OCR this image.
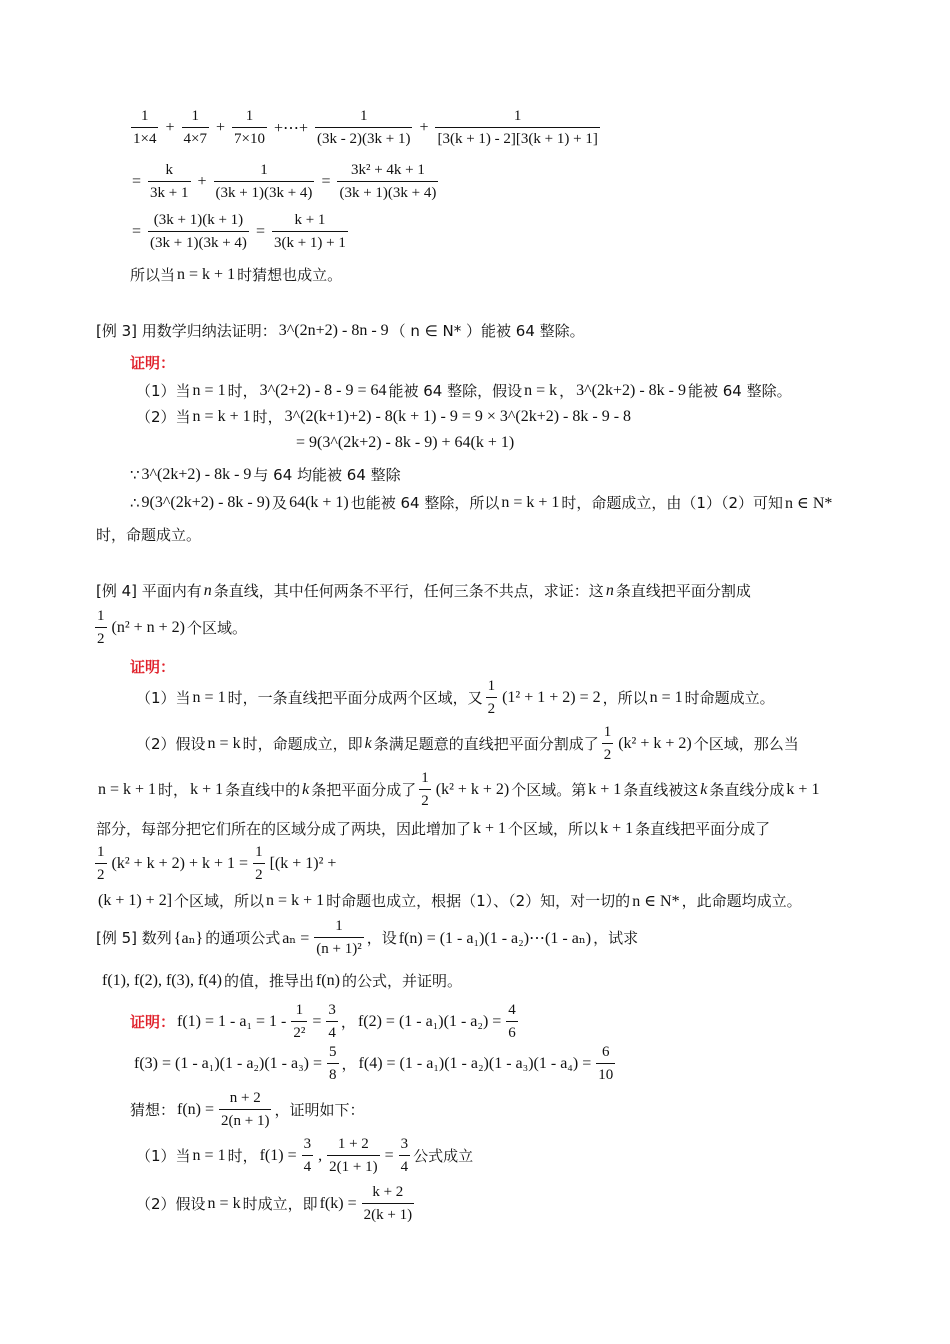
$\frac{1}{1\times 4} + \frac{1}{4\times 7} + \frac{1}{7\times 10}$ +⋯+ $\frac{1}{(3k - 2)(3k + 1)} + \frac{1}{[3(k + 1) - 2][3(k + 1) + 1]}$
= $\frac{k}{3k + 1} + \frac{1}{(3k + 1)(3k + 4)} = \frac{\text{3k² + 4k + 1}}{(3k + 1)(3k + 4)}$
= $\frac{(3k + 1)(k + 1)}{(3k + 1)(3k + 4)} = \frac{k + 1}{3(k + 1) + 1}$
所以当 n = k + 1 时猜想也成立。
[例 3] 用数学归纳法证明： 3^(2n+2) - 8n - 9 （ n ∈ N* ） 能被 64 整除。
证明：
（1）当 n = 1 时， 3^(2+2) - 8 - 9 = 64 能被 64 整除，假设 n = k ， 3^(2k+2) - 8k - 9 能被 64 整除。
（2）当 n = k + 1 时， 3^(2(k+1)+2) - 8(k + 1) - 9 = 9 × 3^(2k+2) - 8k - 9 - 8
= 9(3^(2k+2) - 8k - 9) + 64(k + 1)
∵ 3^(2k+2) - 8k - 9 与 64 均能被 64 整除
∴ 9(3^(2k+2) - 8k - 9) 及 64(k + 1) 也能被 64 整除，所以 n = k + 1 时，命题成立，由（1）（2）可知 n ∈ N*
时，命题成立。
[例 4] 平面内有 n 条直线，其中任何两条不平行，任何三条不共点，求证：这 n 条直线把平面分割成
$\frac{1}{2} (n^2 + n + 2)$ 个区域。
证明：
（1）当 n = 1 时，一条直线把平面分成两个区域，又 $\frac{1}{2} (1^2 + 1 + 2) = 2$ ，所以 n = 1 时命题成立。
（2）假设 n = k 时，命题成立，即 k 条满足题意的直线把平面分割成了 $\frac{1}{2} (k^2 + k + 2)$ 个区域，那么当
n = k + 1 时， k + 1 条直线中的 k 条把平面分成了 $\frac{1}{2} (k^2 + k + 2)$ 个区域。第 k + 1 条直线被这 k 条直线分成 k + 1
部分，每部分把它们所在的区域分成了两块，因此增加了 k + 1 个区域，所以 k + 1 条直线把平面分成了
$\frac{1}{2} (k^2 + k + 2) + k + 1 = \frac{1}{2} [(k + 1)^2$ +
(k + 1) + 2] 个区域，所以 n = k + 1 时命题也成立，根据（1）、（2）知，对一切的 n ∈ N* ，此命题均成立。
[例 5] 数列 {aₙ} 的通项公式 $a_n = \frac{1}{\text{(n + 1)²}}$ ，设 f(n) = (1 - a₁)(1 - a₂)⋯(1 - aₙ) ，试求
f(1), f(2), f(3), f(4) 的值，推导出 f(n) 的公式，并证明。
证明： $f(1) = 1 - a_1 = 1 - \frac{1}{\text{2²}} = \frac{3}{4}$ ， $f(2) = (1 - a_1)(1 - a_2) = \frac{4}{6}$
$f(3) = (1 - a_1)(1 - a_2)(1 - a_3) = \frac{5}{8}$ ， $f(4) = (1 - a_1)(1 - a_2)(1 - a_3)(1 - a_4) = \frac{6}{10}$
猜想： $f(n) = \frac{n + 2}{2(n + 1)}$ ，证明如下：
（1）当 n = 1 时， $f(1) = \frac{3}{4}$ , $\frac{1 + 2}{2(1 + 1)} = \frac{3}{4}$ 公式成立
（2）假设 n = k 时成立，即 $f(k) = \frac{k + 2}{2(k + 1)}$
